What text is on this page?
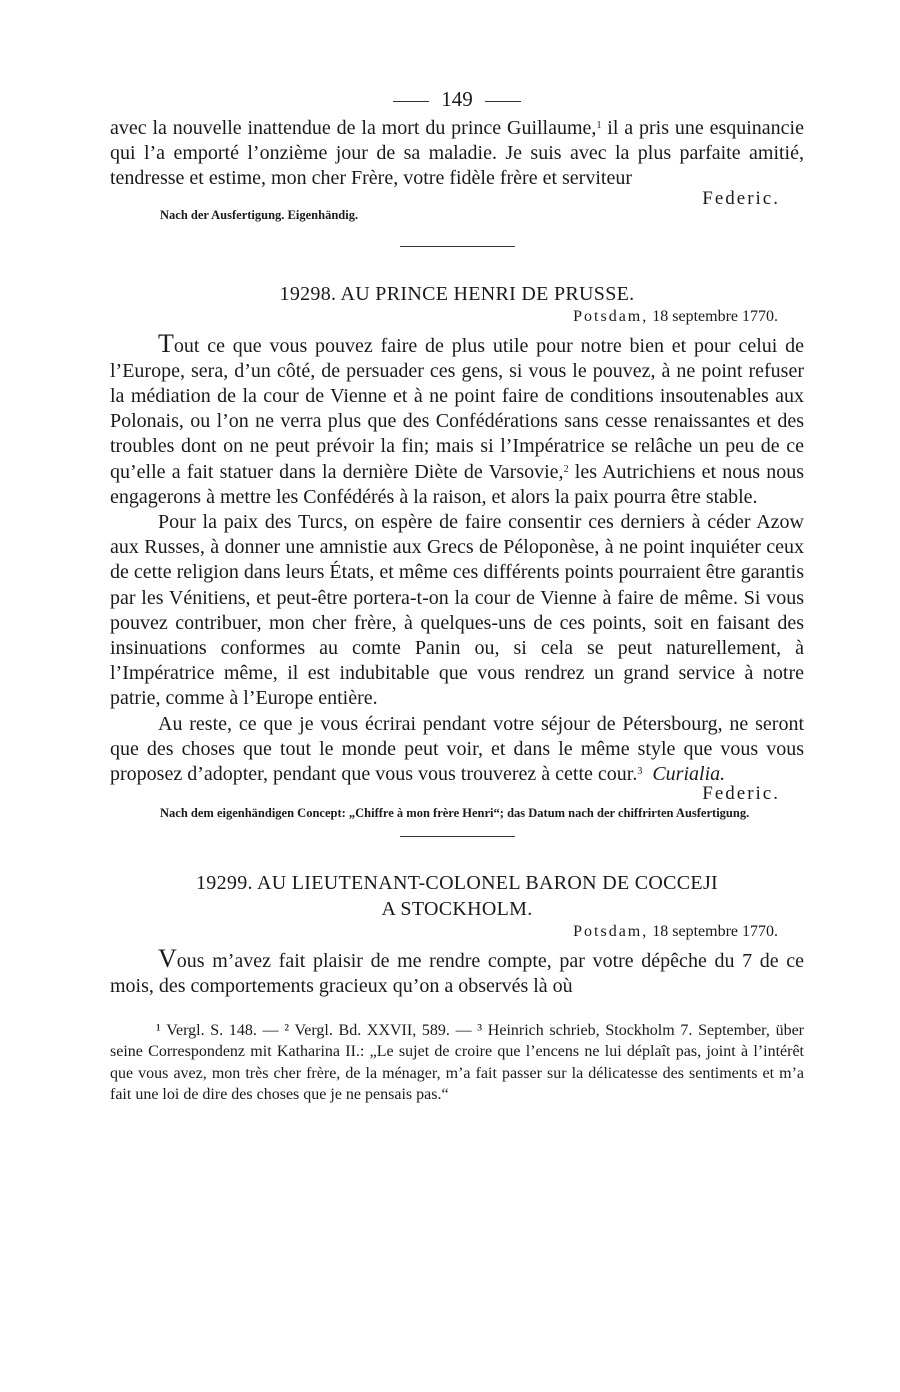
149

avec la nouvelle inattendue de la mort du prince Guillaume,$^1$ il a pris une esquinancie qui l’a emporté l’onzième jour de sa maladie. Je suis avec la plus parfaite amitié, tendresse et estime, mon cher Frère, votre fidèle frère et serviteur

Federic.

Nach der Ausfertigung. Eigenhändig.

19298. AU PRINCE HENRI DE PRUSSE.

Potsdam, 18 septembre 1770.

Tout ce que vous pouvez faire de plus utile pour notre bien et pour celui de l’Europe, sera, d’un côté, de persuader ces gens, si vous le pouvez, à ne point refuser la médiation de la cour de Vienne et à ne point faire de conditions insoutenables aux Polonais, ou l’on ne verra plus que des Confédérations sans cesse renaissantes et des troubles dont on ne peut prévoir la fin; mais si l’Impératrice se relâche un peu de ce qu’elle a fait statuer dans la dernière Diète de Varsovie,$^2$ les Autrichiens et nous nous engagerons à mettre les Confédérés à la raison, et alors la paix pourra être stable.

Pour la paix des Turcs, on espère de faire consentir ces derniers à céder Azow aux Russes, à donner une amnistie aux Grecs de Péloponèse, à ne point inquiéter ceux de cette religion dans leurs États, et même ces différents points pourraient être garantis par les Vénitiens, et peut-être portera-t-on la cour de Vienne à faire de même. Si vous pouvez contribuer, mon cher frère, à quelques-uns de ces points, soit en faisant des insinuations conformes au comte Panin ou, si cela se peut naturellement, à l’Impératrice même, il est indubitable que vous rendrez un grand service à notre patrie, comme à l’Europe entière.

Au reste, ce que je vous écrirai pendant votre séjour de Pétersbourg, ne seront que des choses que tout le monde peut voir, et dans le même style que vous vous proposez d’adopter, pendant que vous vous trouverez à cette cour.$^3$ Curialia.

Federic.

Nach dem eigenhändigen Concept: „Chiffre à mon frère Henri“; das Datum nach der chiffrirten Ausfertigung.

19299. AU LIEUTENANT-COLONEL BARON DE COCCEJI

A STOCKHOLM.

Potsdam, 18 septembre 1770.

Vous m’avez fait plaisir de me rendre compte, par votre dépêche du 7 de ce mois, des comportements gracieux qu’on a observés là où

¹ Vergl. S. 148. — ² Vergl. Bd. XXVII, 589. — ³ Heinrich schrieb, Stockholm 7. September, über seine Correspondenz mit Katharina II.: „Le sujet de croire que l’encens ne lui déplaît pas, joint à l’intérêt que vous avez, mon très cher frère, de la ménager, m’a fait passer sur la délicatesse des sentiments et m’a fait une loi de dire des choses que je ne pensais pas.“
